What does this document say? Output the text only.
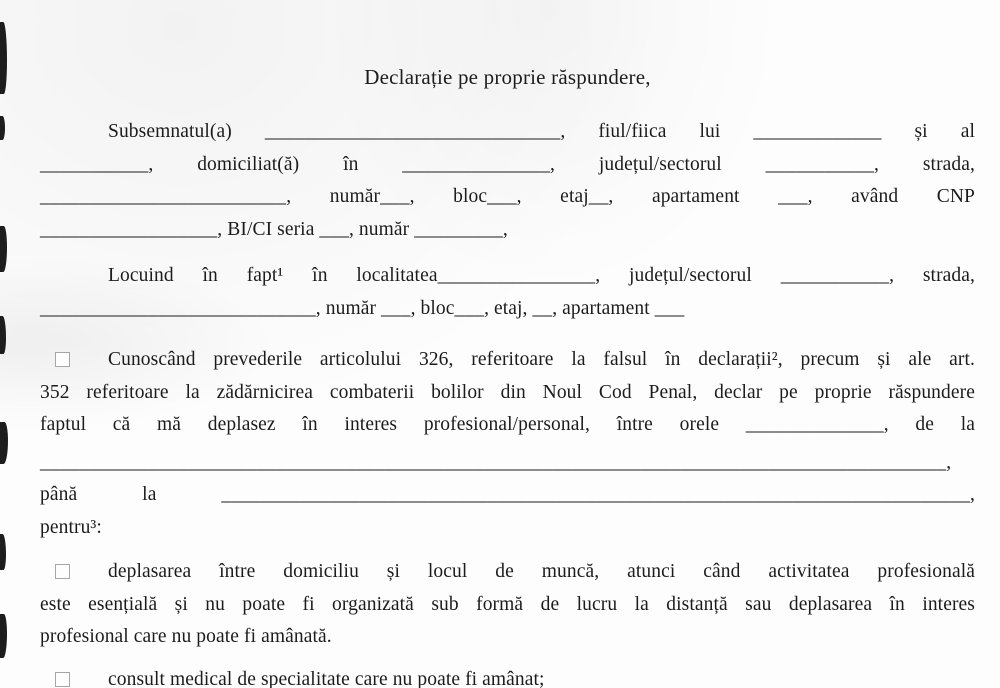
Declarație pe proprie răspundere,
Subsemnatul(a) ______________________________, fiul/fiica lui _____________ și al
___________, domiciliat(ă) în _______________, județul/sectorul ___________, strada,
_________________________, număr___, bloc___, etaj__, apartament ___, având CNP
__________________, BI/CI seria ___, număr _________,
Locuind în fapt¹ în localitatea________________, județul/sectorul ___________, strada,
____________________________, număr ___, bloc___, etaj, __, apartament ___
Cunoscând prevederile articolului 326, referitoare la falsul în declarații², precum și ale art.
352 referitoare la zădărnicirea combaterii bolilor din Noul Cod Penal, declar pe proprie răspundere
faptul că mă deplasez în interes profesional/personal, între orele ______________, de la
____________________________________________________________________________________________,
până la ____________________________________________________________________________,
pentru³:
deplasarea între domiciliu și locul de muncă, atunci când activitatea profesională
este esențială și nu poate fi organizată sub formă de lucru la distanță sau deplasarea în interes
profesional care nu poate fi amânată.
consult medical de specialitate care nu poate fi amânat;
